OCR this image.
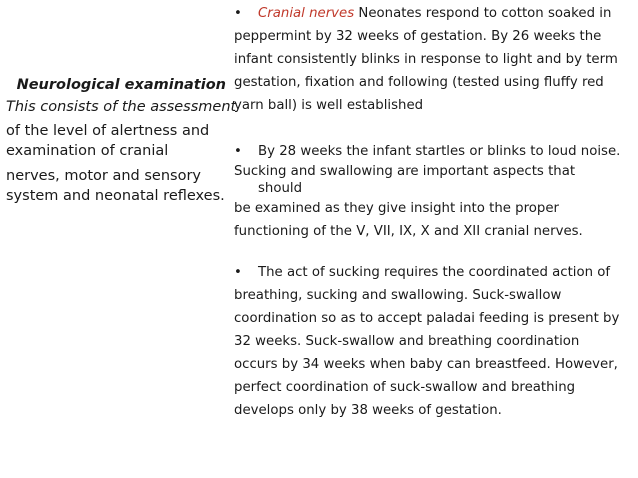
Neurological examination
This consists of the assessment
of the level of alertness and examination of cranial
nerves, motor and sensory system and neonatal reflexes.
•	Cranial nerves Neonates respond to cotton soaked in
peppermint by 32 weeks of gestation. By 26 weeks the
infant consistently blinks in response to light and by term
gestation, fixation and following (tested using fluffy red
yarn ball) is well established
•	By 28 weeks the infant startles or blinks to loud noise.
Sucking and swallowing are important aspects that
should
be examined as they give insight into the proper
functioning of the V, VII, IX, X and XII cranial nerves.
•	The act of sucking requires the coordinated action of
breathing, sucking and swallowing. Suck-swallow
coordination so as to accept paladai feeding is present by
32 weeks. Suck-swallow and breathing coordination
occurs by 34 weeks when baby can breastfeed. However,
perfect coordination of suck-swallow and breathing
develops only by 38 weeks of gestation.
